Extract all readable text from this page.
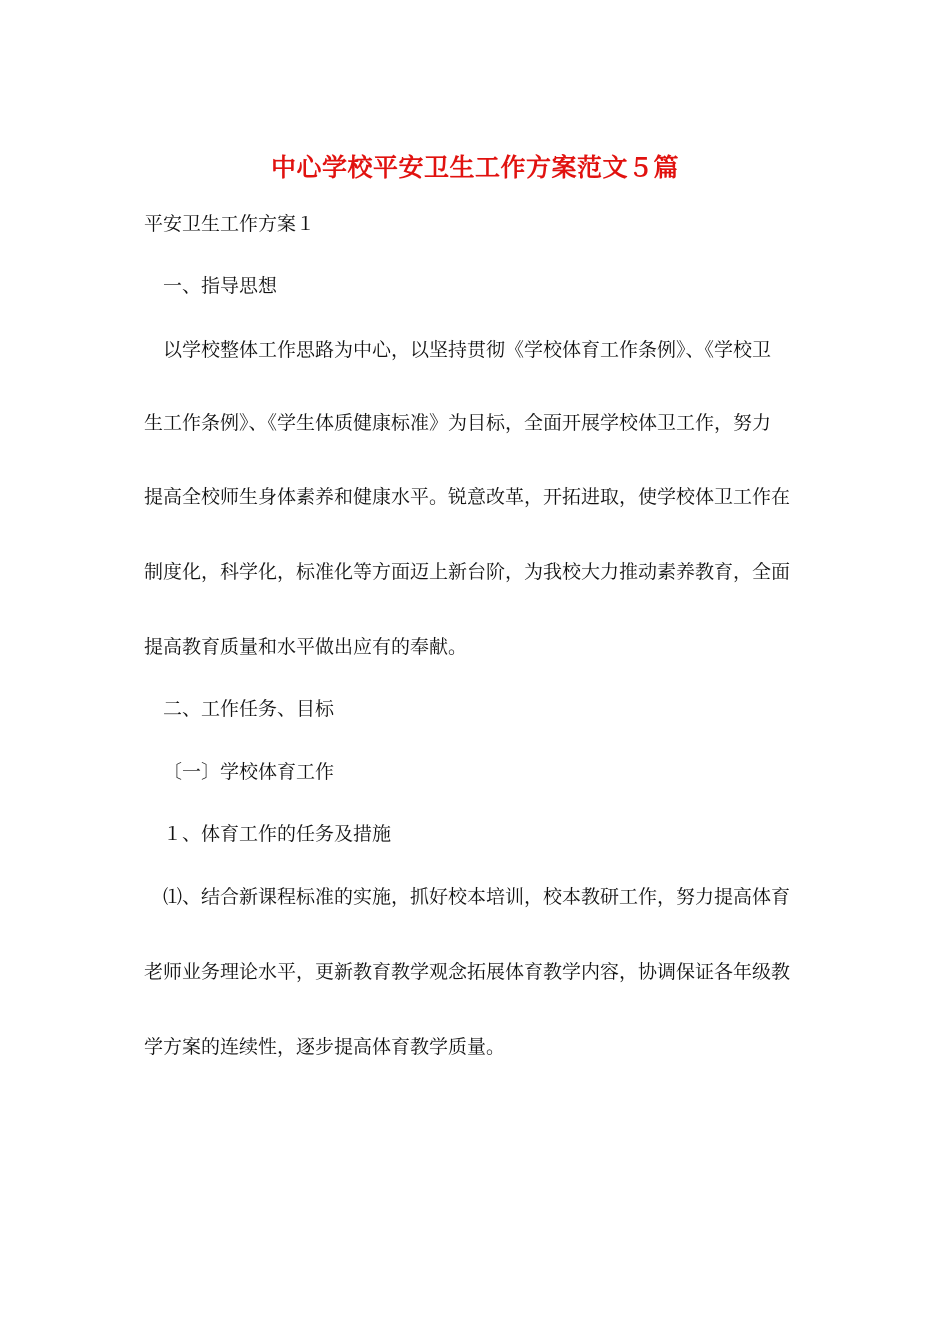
中心学校平安卫生工作方案范文５篇
平安卫生工作方案１
一、指导思想
以学校整体工作思路为中心，以坚持贯彻《学校体育工作条例》、《学校卫
生工作条例》、《学生体质健康标准》为目标，全面开展学校体卫工作，努力
提高全校师生身体素养和健康水平。锐意改革，开拓进取，使学校体卫工作在
制度化，科学化，标准化等方面迈上新台阶，为我校大力推动素养教育，全面
提高教育质量和水平做出应有的奉献。
二、工作任务、目标
〔一〕学校体育工作
１、体育工作的任务及措施
⑴、结合新课程标准的实施，抓好校本培训，校本教研工作，努力提高体育
老师业务理论水平，更新教育教学观念拓展体育教学内容，协调保证各年级教
学方案的连续性，逐步提高体育教学质量。
